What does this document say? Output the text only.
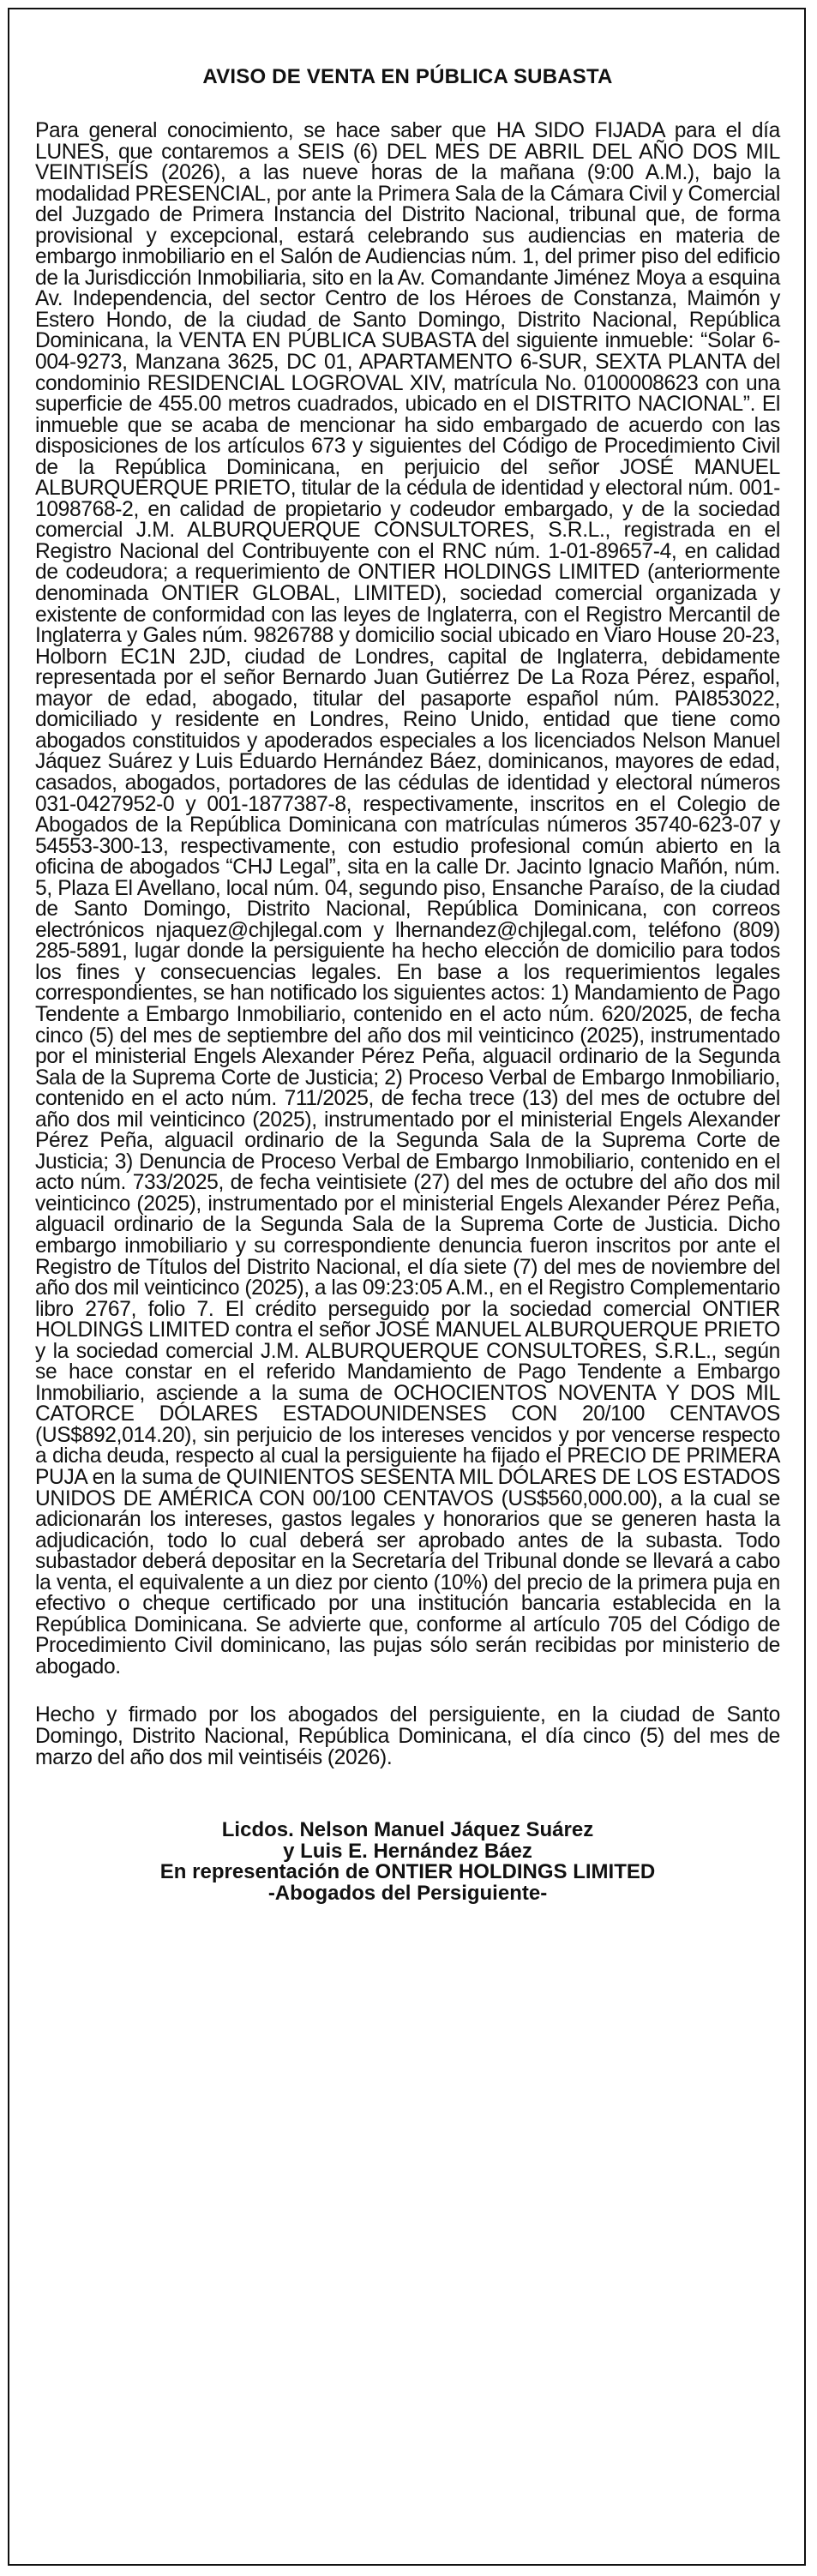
AVISO DE VENTA EN PÚBLICA SUBASTA

Para general conocimiento, se hace saber que HA SIDO FIJADA para el día LUNES, que contaremos a SEIS (6) DEL MES DE ABRIL DEL AÑO DOS MIL VEINTISEÍS (2026), a las nueve horas de la mañana (9:00 A.M.), bajo la modalidad PRESENCIAL, por ante la Primera Sala de la Cámara Civil y Comercial del Juzgado de Primera Instancia del Distrito Nacional, tribunal que, de forma provisional y excepcional, estará celebrando sus audiencias en materia de embargo inmobiliario en el Salón de Audiencias núm. 1, del primer piso del edificio de la Jurisdicción Inmobiliaria, sito en la Av. Comandante Jiménez Moya a esquina Av. Independencia, del sector Centro de los Héroes de Constanza, Maimón y Estero Hondo, de la ciudad de Santo Domingo, Distrito Nacional, República Dominicana, la VENTA EN PÚBLICA SUBASTA del siguiente inmueble: “Solar 6-004-9273, Manzana 3625, DC 01, APARTAMENTO 6-SUR, SEXTA PLANTA del condominio RESIDENCIAL LOGROVAL XIV, matrícula No. 0100008623 con una superficie de 455.00 metros cuadrados, ubicado en el DISTRITO NACIONAL”. El inmueble que se acaba de mencionar ha sido embargado de acuerdo con las disposiciones de los artículos 673 y siguientes del Código de Procedimiento Civil de la República Dominicana, en perjuicio del señor JOSÉ MANUEL ALBURQUERQUE PRIETO, titular de la cédula de identidad y electoral núm. 001-1098768-2, en calidad de propietario y codeudor embargado, y de la sociedad comercial J.M. ALBURQUERQUE CONSULTORES, S.R.L., registrada en el Registro Nacional del Contribuyente con el RNC núm. 1-01-89657-4, en calidad de codeudora; a requerimiento de ONTIER HOLDINGS LIMITED (anteriormente denominada ONTIER GLOBAL, LIMITED), sociedad comercial organizada y existente de conformidad con las leyes de Inglaterra, con el Registro Mercantil de Inglaterra y Gales núm. 9826788 y domicilio social ubicado en Viaro House 20-23, Holborn EC1N 2JD, ciudad de Londres, capital de Inglaterra, debidamente representada por el señor Bernardo Juan Gutiérrez De La Roza Pérez, español, mayor de edad, abogado, titular del pasaporte español núm. PAI853022, domiciliado y residente en Londres, Reino Unido, entidad que tiene como abogados constituidos y apoderados especiales a los licenciados Nelson Manuel Jáquez Suárez y Luis Eduardo Hernández Báez, dominicanos, mayores de edad, casados, abogados, portadores de las cédulas de identidad y electoral números 031-0427952-0 y 001-1877387-8, respectivamente, inscritos en el Colegio de Abogados de la República Dominicana con matrículas números 35740-623-07 y 54553-300-13, respectivamente, con estudio profesional común abierto en la oficina de abogados “CHJ Legal”, sita en la calle Dr. Jacinto Ignacio Mañón, núm. 5, Plaza El Avellano, local núm. 04, segundo piso, Ensanche Paraíso, de la ciudad de Santo Domingo, Distrito Nacional, República Dominicana, con correos electrónicos njaquez@chjlegal.com y lhernandez@chjlegal.com, teléfono (809) 285-5891, lugar donde la persiguiente ha hecho elección de domicilio para todos los fines y consecuencias legales. En base a los requerimientos legales correspondientes, se han notificado los siguientes actos: 1) Mandamiento de Pago Tendente a Embargo Inmobiliario, contenido en el acto núm. 620/2025, de fecha cinco (5) del mes de septiembre del año dos mil veinticinco (2025), instrumentado por el ministerial Engels Alexander Pérez Peña, alguacil ordinario de la Segunda Sala de la Suprema Corte de Justicia; 2) Proceso Verbal de Embargo Inmobiliario, contenido en el acto núm. 711/2025, de fecha trece (13) del mes de octubre del año dos mil veinticinco (2025), instrumentado por el ministerial Engels Alexander Pérez Peña, alguacil ordinario de la Segunda Sala de la Suprema Corte de Justicia; 3) Denuncia de Proceso Verbal de Embargo Inmobiliario, contenido en el acto núm. 733/2025, de fecha veintisiete (27) del mes de octubre del año dos mil veinticinco (2025), instrumentado por el ministerial Engels Alexander Pérez Peña, alguacil ordinario de la Segunda Sala de la Suprema Corte de Justicia. Dicho embargo inmobiliario y su correspondiente denuncia fueron inscritos por ante el Registro de Títulos del Distrito Nacional, el día siete (7) del mes de noviembre del año dos mil veinticinco (2025), a las 09:23:05 A.M., en el Registro Complementario libro 2767, folio 7. El crédito perseguido por la sociedad comercial ONTIER HOLDINGS LIMITED contra el señor JOSÉ MANUEL ALBURQUERQUE PRIETO y la sociedad comercial J.M. ALBURQUERQUE CONSULTORES, S.R.L., según se hace constar en el referido Mandamiento de Pago Tendente a Embargo Inmobiliario, asciende a la suma de OCHOCIENTOS NOVENTA Y DOS MIL CATORCE DÓLARES ESTADOUNIDENSES CON 20/100 CENTAVOS (US$892,014.20), sin perjuicio de los intereses vencidos y por vencerse respecto a dicha deuda, respecto al cual la persiguiente ha fijado el PRECIO DE PRIMERA PUJA en la suma de QUINIENTOS SESENTA MIL DÓLARES DE LOS ESTADOS UNIDOS DE AMÉRICA CON 00/100 CENTAVOS (US$560,000.00), a la cual se adicionarán los intereses, gastos legales y honorarios que se generen hasta la adjudicación, todo lo cual deberá ser aprobado antes de la subasta. Todo subastador deberá depositar en la Secretaría del Tribunal donde se llevará a cabo la venta, el equivalente a un diez por ciento (10%) del precio de la primera puja en efectivo o cheque certificado por una institución bancaria establecida en la República Dominicana. Se advierte que, conforme al artículo 705 del Código de Procedimiento Civil dominicano, las pujas sólo serán recibidas por ministerio de abogado.

Hecho y firmado por los abogados del persiguiente, en la ciudad de Santo Domingo, Distrito Nacional, República Dominicana, el día cinco (5) del mes de marzo del año dos mil veintiséis (2026).

Licdos. Nelson Manuel Jáquez Suárez
y Luis E. Hernández Báez
En representación de ONTIER HOLDINGS LIMITED
-Abogados del Persiguiente-
